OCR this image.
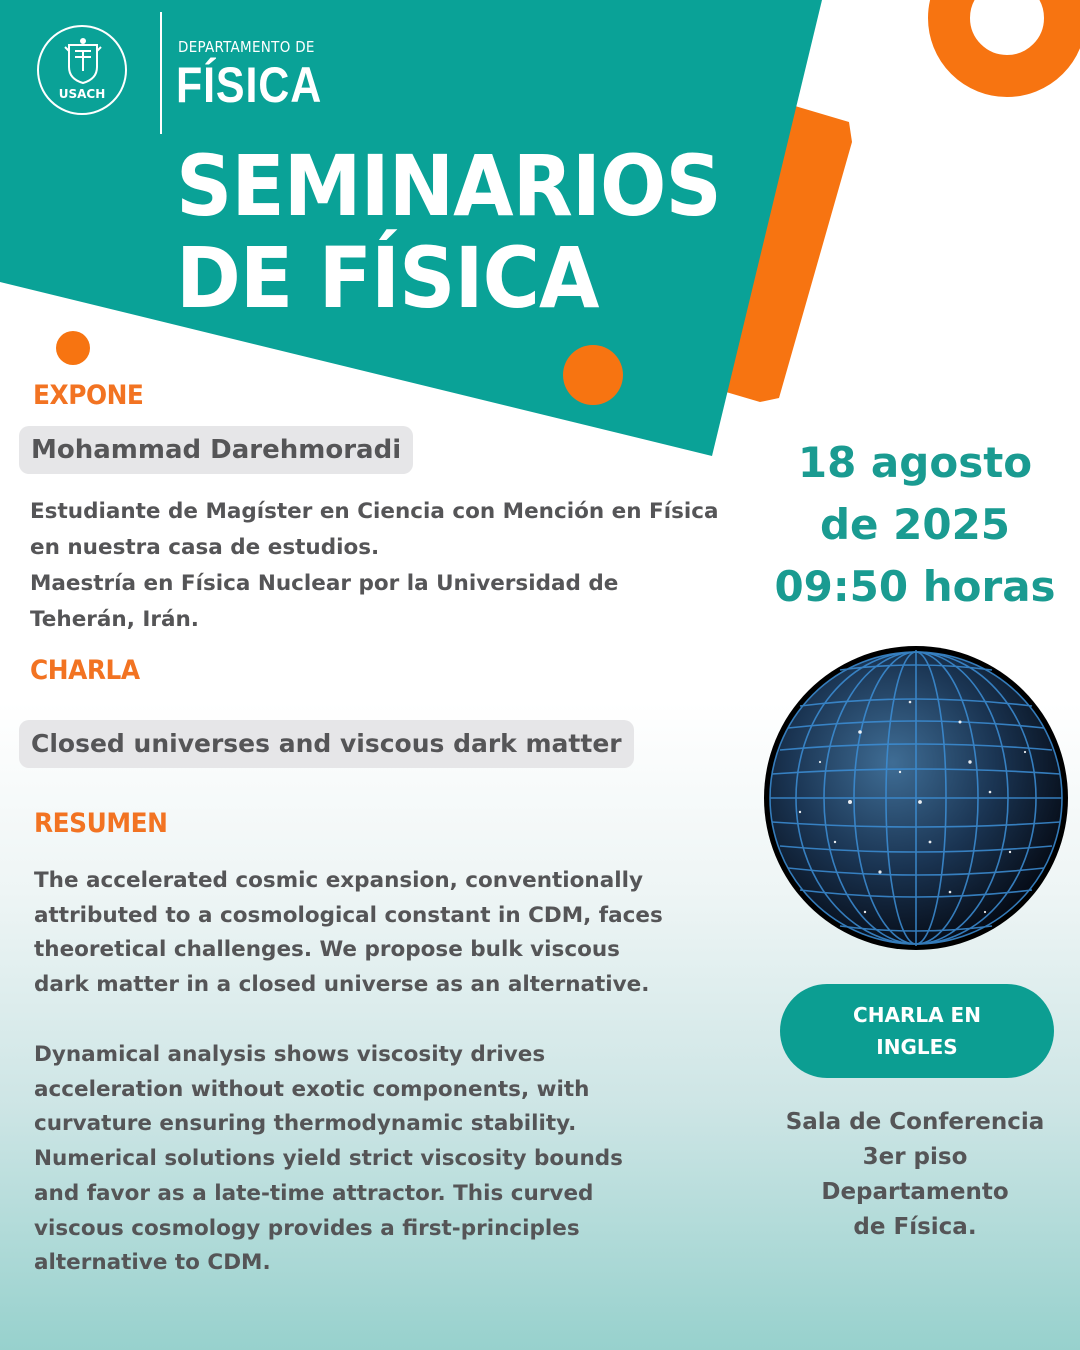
USACH
DEPARTAMENTO DE
FÍSICA
SEMINARIOS
DE FÍSICA
EXPONE
Mohammad Darehmoradi
Estudiante de Magíster en Ciencia con Mención en Física
en nuestra casa de estudios.
Maestría en Física Nuclear por la Universidad de
Teherán, Irán.
CHARLA
Closed universes and viscous dark matter
RESUMEN
The accelerated cosmic expansion, conventionally
attributed to a cosmological constant in CDM, faces
theoretical challenges. We propose bulk viscous
dark matter in a closed universe as an alternative.
Dynamical analysis shows viscosity drives
acceleration without exotic components, with
curvature ensuring thermodynamic stability.
Numerical solutions yield strict viscosity bounds
and favor as a late-time attractor. This curved
viscous cosmology provides a first-principles
alternative to CDM.
18 agosto
de 2025
09:50 horas
CHARLA EN
INGLES
Sala de Conferencia
3er piso
Departamento
de Física.
